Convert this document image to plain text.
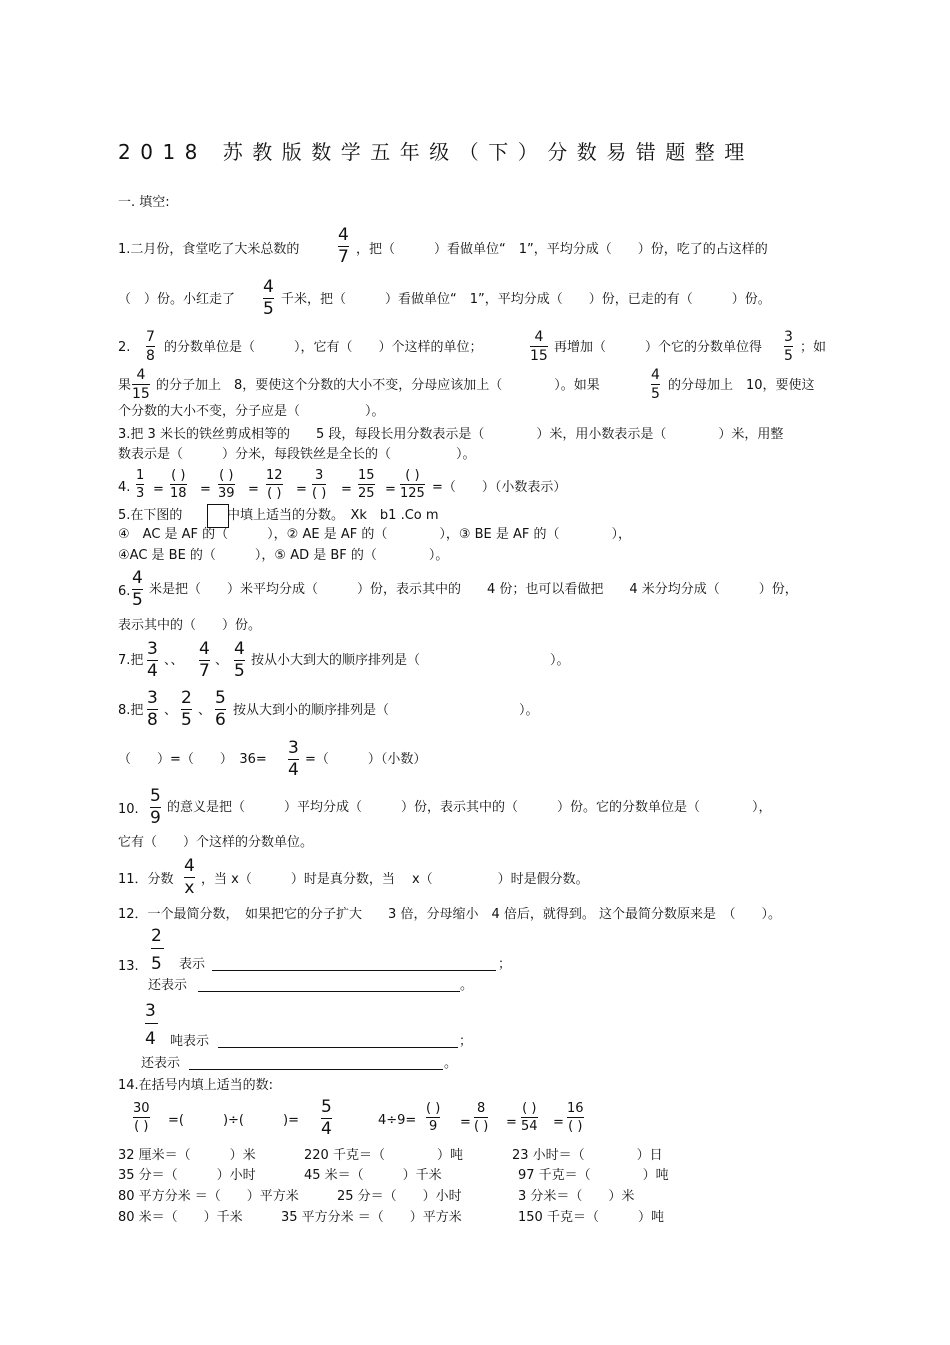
2018 苏教版数学五年级（下）分数易错题整理
一. 填空:
1.二月份，食堂吃了大米总数的
4
7 ，把（　　　）看做单位“　1”，平均分成（　　）份，吃了的占这样的
（　）份。小红走了
4
5 千米，把（　　　）看做单位“　1”，平均分成（　　）份，已走的有（　　　）份。
2.
7
8
的分数单位是（　　　），它有（　　）个这样的单位；
4
15
再增加（　　　）个它的分数单位得
3
5
；如
果
4
15
的分子加上　8，要使这个分数的大小不变，分母应该加上（　　　　）。如果
4
5
的分母加上　10，要使这
个分数的大小不变，分子应是（　　　　　）。
3.把 3 米长的铁丝剪成相等的　　5 段，每段长用分数表示是（　　　　）米，用小数表示是（　　　　）米，用整
数表示是（　　　）分米，每段铁丝是全长的（　　　　　）。
4.
1
3 =
( )
18 =
( )
39 =
12
( ) =
3
( ) =
15
25 =
( )
125 =（　　）（小数表示）
5.在下图的	中填上适当的分数。　Xk　b1 .Co m
④　AC 是 AF 的（　　　），② AE 是 AF 的（　　　　），③ BE 是 AF 的（　　　　），
④AC 是 BE 的（　　　），⑤ AD 是 BF 的（　　　　）。
6.
4
5
米是把（　　）米平均分成（　　　）份，表示其中的　　4 份；也可以看做把　　4 米分均分成（　　　）份，
表示其中的（　　）份。
7.把
3
4
、、
4
7
、
4
5
按从小大到大的顺序排列是（　　　　　　　　　　）。
8.把
3
8 、
2
5 、
5
6 按从大到小的顺序排列是（　　　　　　　　　　）。
（　　）=（　　）　36=
3
4
=（　　　）（小数）
10.
5
9
的意义是把（　　　）平均分成（　　　）份，表示其中的（　　　）份。它的分数单位是（　　　　），
它有（　　）个这样的分数单位。
11．分数
4
x ，当 x（　　　）时是真分数，当　 x（　　　　　）时是假分数。
12．一个最简分数，　如果把它的分子扩大　　3 倍，分母缩小　4 倍后，就得到。 这个最简分数原来是　（　　）。
13.
2
5 表示	；
还表示	。
3
4 吨表示	；
还表示	。
14.在括号内填上适当的数:
30
( ) =(　　　)÷(　　　)=
5
4	4÷9=
( )
9 =
8
( ) =
( )
54 =
16
( )
32 厘米＝（　　　）米	220 千克＝（　　　　）吨	23 小时＝（　　　　）日
35 分＝（　　　）小时	45 米＝（　　　）千米	97 千克＝（　　　　）吨
80 平方分米 ＝（　　）平方米	25 分＝（　　）小时	3 分米＝（　　）米
80 米＝（　　）千米	35 平方分米 ＝（　　）平方米	150 千克＝（　　　）吨
